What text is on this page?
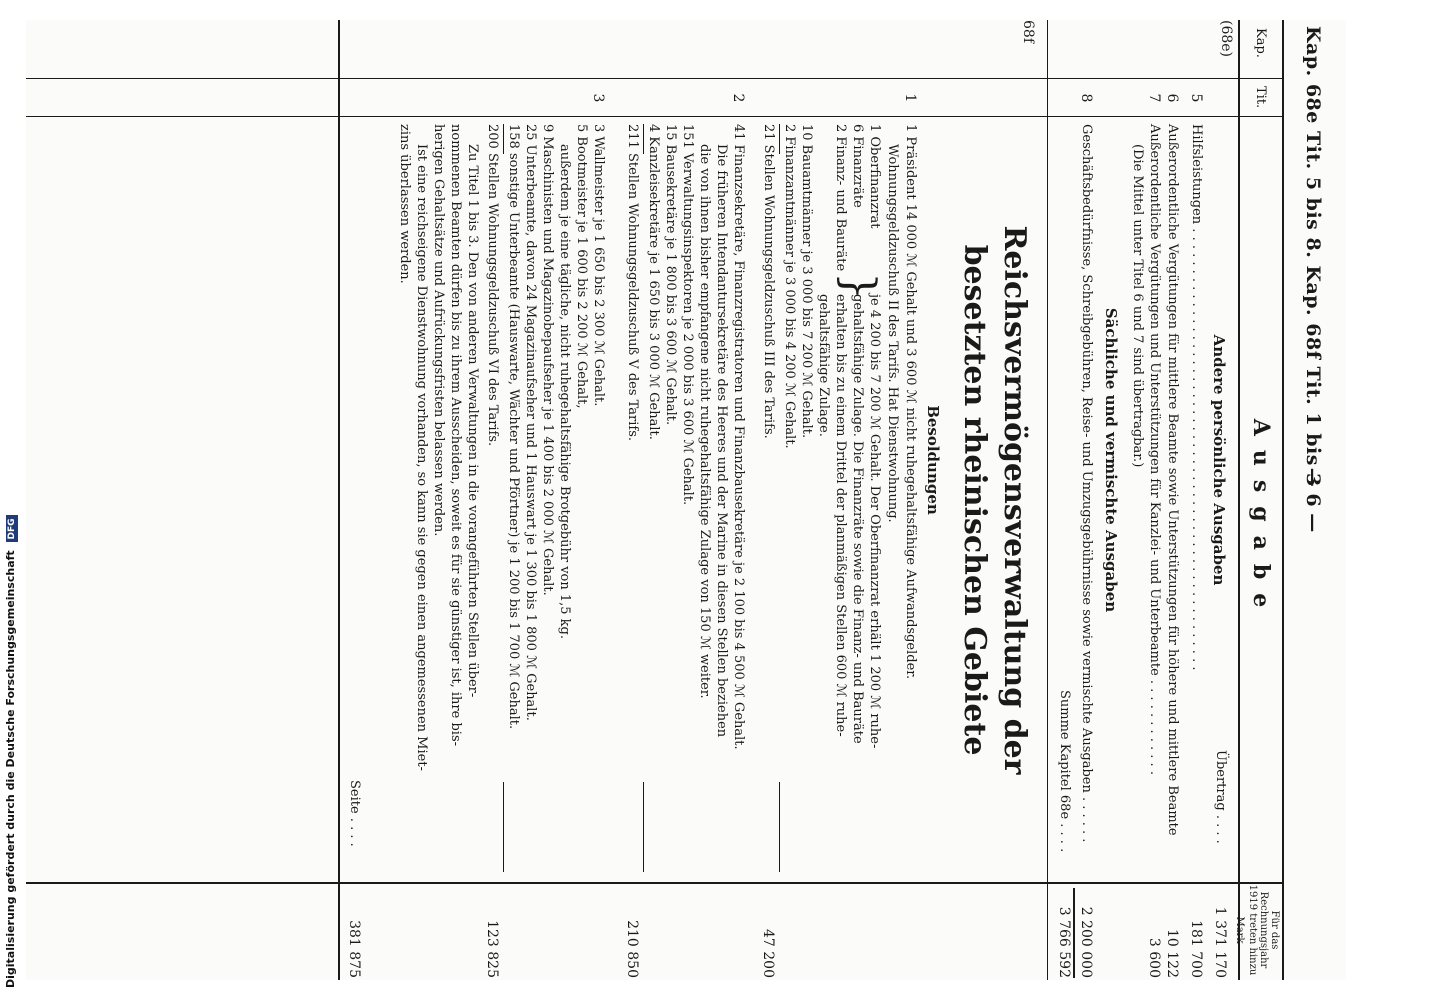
Kap. 68e Tit. 5 bis 8. Kap. 68f Tit. 1 bis 3
— 6 —
Kap.
Tit.
Ausgabe
Für das Rechnungsjahr 1919 treten hinzu
Mark
(68e)
Andere persönliche Ausgaben
Übertrag . . . .
1 371 170
5
Hilfsleistungen . . . . . . . . . . . . . . . . . . . . . . . . . . . . . . . . . . . . . . . . . . . . . . . . . . . . . .
181 700
6
Außerordentliche Vergütungen für mittlere Beamte sowie Unterstützungen für höhere und mittlere Beamte
10 122
7
Außerordentliche Vergütungen und Unterstützungen für Kanzlei- und Unterbeamte . . . . . . . . . . . .
(Die Mittel unter Titel 6 und 7 sind übertragbar.)
3 600
Sächliche und vermischte Ausgaben
8
Geschäftsbedürfnisse, Schreibgebühren, Reise- und Umzugsgebührnisse sowie vermischte Ausgaben . . . . . .
2 200 000
Summe Kapitel 68e . . . .
3 766 592
68f
Reichsvermögensverwaltung der besetzten rheinischen Gebiete
Besoldungen
1
1 Präsident 14 000 ℳ Gehalt und 3 600 ℳ nicht ruhegehaltsfähige Aufwandsgelder.
Wohnungsgeldzuschuß II des Tarifs. Hat Dienstwohnung.
1 Oberfinanzrat
6 Finanzräte
2 Finanz- und Bauräte
}
je 4 200 bis 7 200 ℳ Gehalt. Der Oberfinanzrat erhält 1 200 ℳ ruhe-
gehaltsfähige Zulage. Die Finanzräte sowie die Finanz- und Bauräte
erhalten bis zu einem Drittel der planmäßigen Stellen 600 ℳ ruhe-
gehaltsfähige Zulage.
10 Bauamtmänner je 3 000 bis 7 200 ℳ Gehalt.
2 Finanzamtmänner je 3 000 bis 4 200 ℳ Gehalt.
21 Stellen Wohnungsgeldzuschuß III des Tarifs.
47 200
2
41 Finanzsekretäre, Finanzregistratoren und Finanzbausekretäre je 2 100 bis 4 500 ℳ Gehalt.
Die früheren Intendantursekretäre des Heeres und der Marine in diesen Stellen beziehen
die von ihnen bisher empfangene nicht ruhegehaltsfähige Zulage von 150 ℳ weiter.
151 Verwaltungsinspektoren je 2 000 bis 3 600 ℳ Gehalt.
15 Bausekretäre je 1 800 bis 3 600 ℳ Gehalt.
4 Kanzleisekretäre je 1 650 bis 3 000 ℳ Gehalt.
211 Stellen Wohnungsgeldzuschuß V des Tarifs.
210 850
3
3 Wallmeister je 1 650 bis 2 300 ℳ Gehalt.
5 Bootmeister je 1 600 bis 2 200 ℳ Gehalt,
außerdem je eine tägliche, nicht ruhegehaltsfähige Brotgebühr von 1,5 kg.
9 Maschinisten und Magazinobераufseher je 1 400 bis 2 000 ℳ Gehalt.
25 Unterbeamte, davon 24 Magazinaufseher und 1 Hauswart je 1 300 bis 1 800 ℳ Gehalt.
158 sonstige Unterbeamte (Hauswarte, Wächter und Pförtner) je 1 200 bis 1 700 ℳ Gehalt.
200 Stellen Wohnungsgeldzuschuß VI des Tarifs.
Zu Titel 1 bis 3. Den von anderen Verwaltungen in die vorangeführten Stellen über-
nommenen Beamten dürfen bis zu ihrem Ausscheiden, soweit es für sie günstiger ist, ihre bis-
herigen Gehaltsätze und Aufrückungsfristen belassen werden.
Ist eine reichseigene Dienstwohnung vorhanden, so kann sie gegen einen angemessenen Miet-
zins überlassen werden.
123 825
Seite . . . .
381 875
Digitalisierung gefördert durch die Deutsche Forschungsgemeinschaft DFG
